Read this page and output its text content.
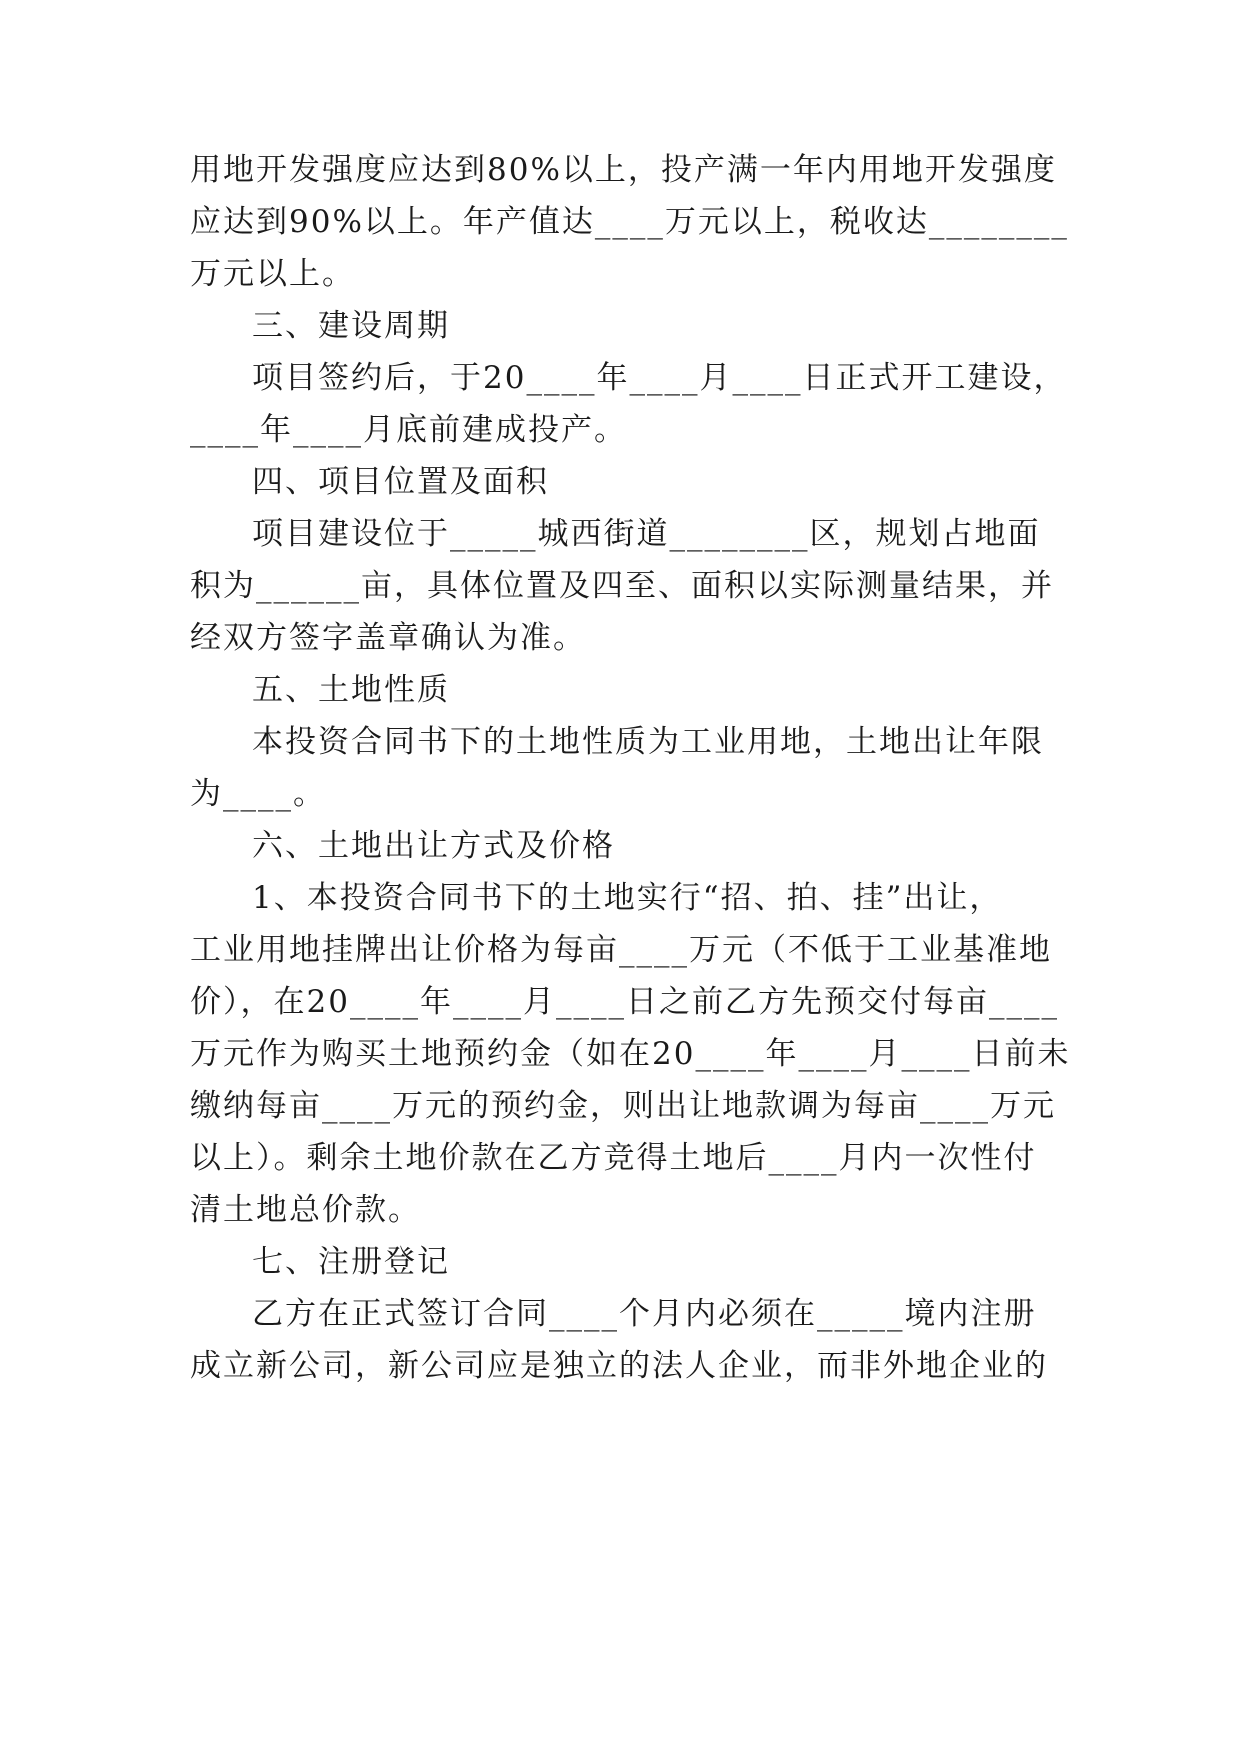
用地开发强度应达到80%以上，投产满一年内用地开发强度
应达到90%以上。年产值达____万元以上，税收达________
万元以上。
三、建设周期
项目签约后，于20____年____月____日正式开工建设，
____年____月底前建成投产。
四、项目位置及面积
项目建设位于_____城西街道________区，规划占地面
积为______亩，具体位置及四至、面积以实际测量结果，并
经双方签字盖章确认为准。
五、土地性质
本投资合同书下的土地性质为工业用地，土地出让年限
为____。
六、土地出让方式及价格
1、本投资合同书下的土地实行“招、拍、挂”出让，
工业用地挂牌出让价格为每亩____万元（不低于工业基准地
价），在20____年____月____日之前乙方先预交付每亩____
万元作为购买土地预约金（如在20____年____月____日前未
缴纳每亩____万元的预约金，则出让地款调为每亩____万元
以上）。剩余土地价款在乙方竞得土地后____月内一次性付
清土地总价款。
七、注册登记
乙方在正式签订合同____个月内必须在_____境内注册
成立新公司，新公司应是独立的法人企业，而非外地企业的
